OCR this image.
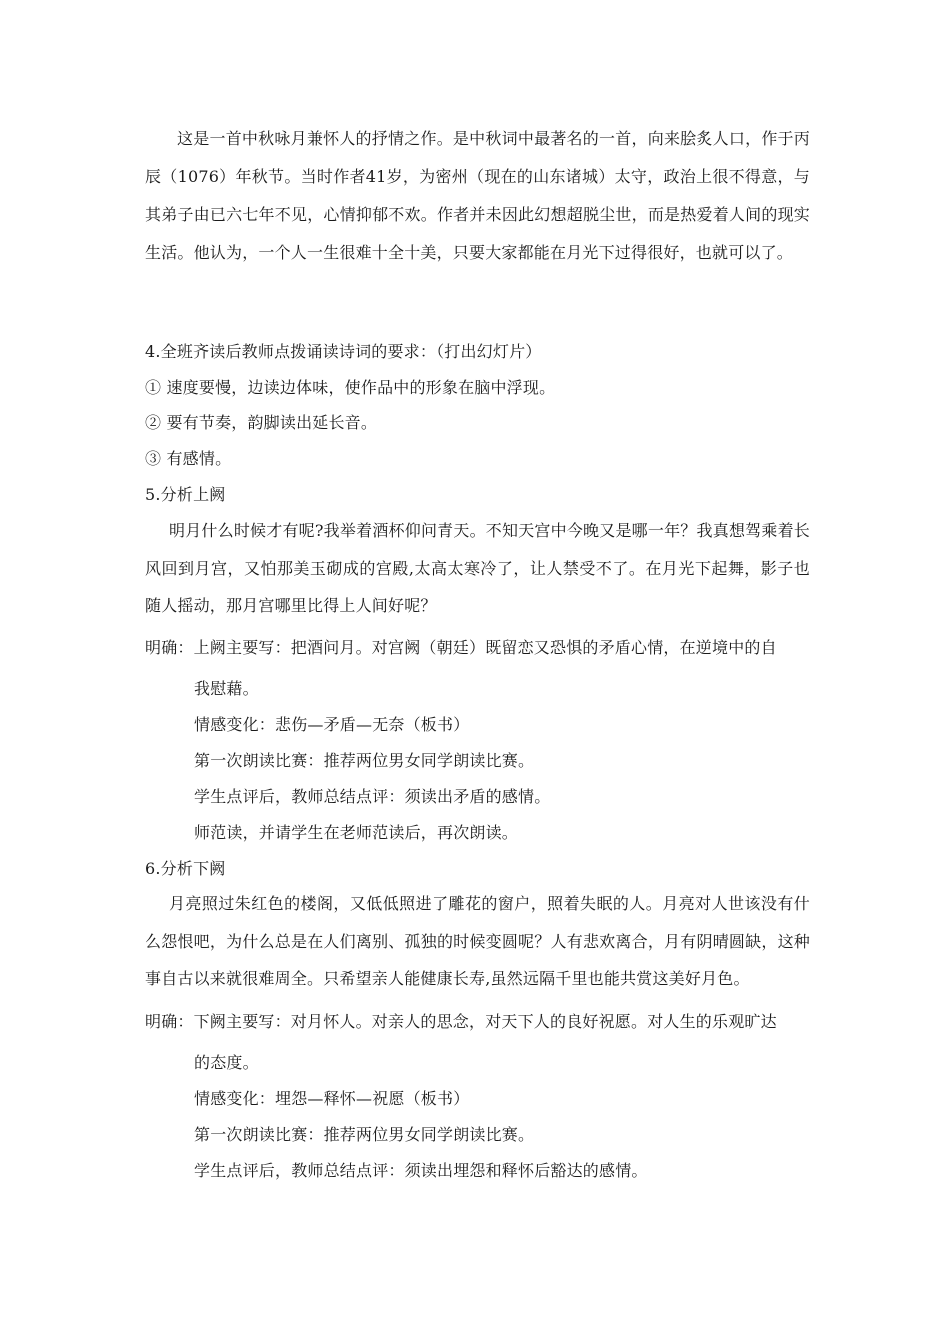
这是一首中秋咏月兼怀人的抒情之作。是中秋词中最著名的一首，向来脍炙人口，作于丙辰（1076）年秋节。当时作者41岁，为密州（现在的山东诸城）太守，政治上很不得意，与其弟子由已六七年不见，心情抑郁不欢。作者并未因此幻想超脱尘世，而是热爱着人间的现实生活。他认为，一个人一生很难十全十美，只要大家都能在月光下过得很好，也就可以了。
4.全班齐读后教师点拨诵读诗词的要求：（打出幻灯片）
① 速度要慢，边读边体味，使作品中的形象在脑中浮现。
② 要有节奏，韵脚读出延长音。
③ 有感情。
5.分析上阙
明月什么时候才有呢?我举着酒杯仰问青天。不知天宫中今晚又是哪一年？我真想驾乘着长风回到月宫，又怕那美玉砌成的宫殿,太高太寒冷了，让人禁受不了。在月光下起舞，影子也随人摇动，那月宫哪里比得上人间好呢？
明确：上阙主要写：把酒问月。对宫阙（朝廷）既留恋又恐惧的矛盾心情，在逆境中的自
我慰藉。
情感变化：悲伤—矛盾—无奈（板书）
第一次朗读比赛：推荐两位男女同学朗读比赛。
学生点评后，教师总结点评：须读出矛盾的感情。
师范读，并请学生在老师范读后，再次朗读。
6.分析下阙
月亮照过朱红色的楼阁，又低低照进了雕花的窗户，照着失眠的人。月亮对人世该没有什么怨恨吧，为什么总是在人们离别、孤独的时候变圆呢？人有悲欢离合，月有阴晴圆缺，这种事自古以来就很难周全。只希望亲人能健康长寿,虽然远隔千里也能共赏这美好月色。
明确：下阙主要写：对月怀人。对亲人的思念，对天下人的良好祝愿。对人生的乐观旷达
的态度。
情感变化：埋怨—释怀—祝愿（板书）
第一次朗读比赛：推荐两位男女同学朗读比赛。
学生点评后，教师总结点评：须读出埋怨和释怀后豁达的感情。
